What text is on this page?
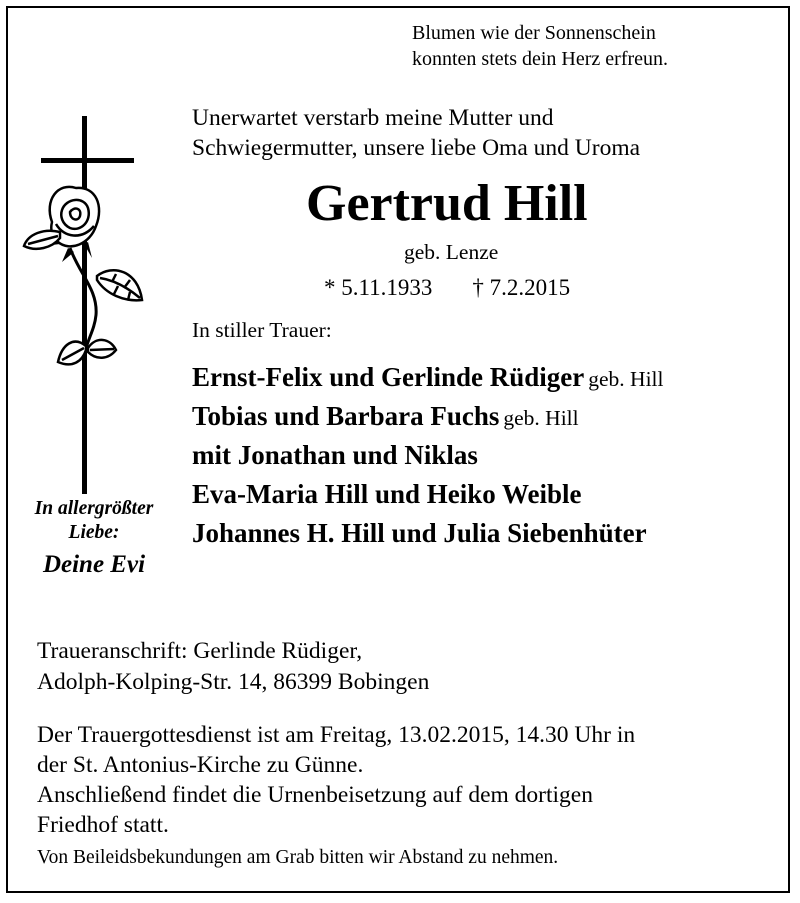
Blumen wie der Sonnenschein
konnten stets dein Herz erfreun.
Unerwartet verstarb meine Mutter und
Schwiegermutter, unsere liebe Oma und Uroma
Gertrud Hill
geb. Lenze
* 5.11.1933 † 7.2.2015
In stiller Trauer:
Ernst-Felix und Gerlinde Rüdiger geb. Hill
Tobias und Barbara Fuchs geb. Hill
mit Jonathan und Niklas
Eva-Maria Hill und Heiko Weible
Johannes H. Hill und Julia Siebenhüter
In allergrößter
Liebe:
Deine Evi
Traueranschrift: Gerlinde Rüdiger,
Adolph-Kolping-Str. 14, 86399 Bobingen
Der Trauergottesdienst ist am Freitag, 13.02.2015, 14.30 Uhr in
der St. Antonius-Kirche zu Günne.
Anschließend findet die Urnenbeisetzung auf dem dortigen
Friedhof statt.
Von Beileidsbekundungen am Grab bitten wir Abstand zu nehmen.
